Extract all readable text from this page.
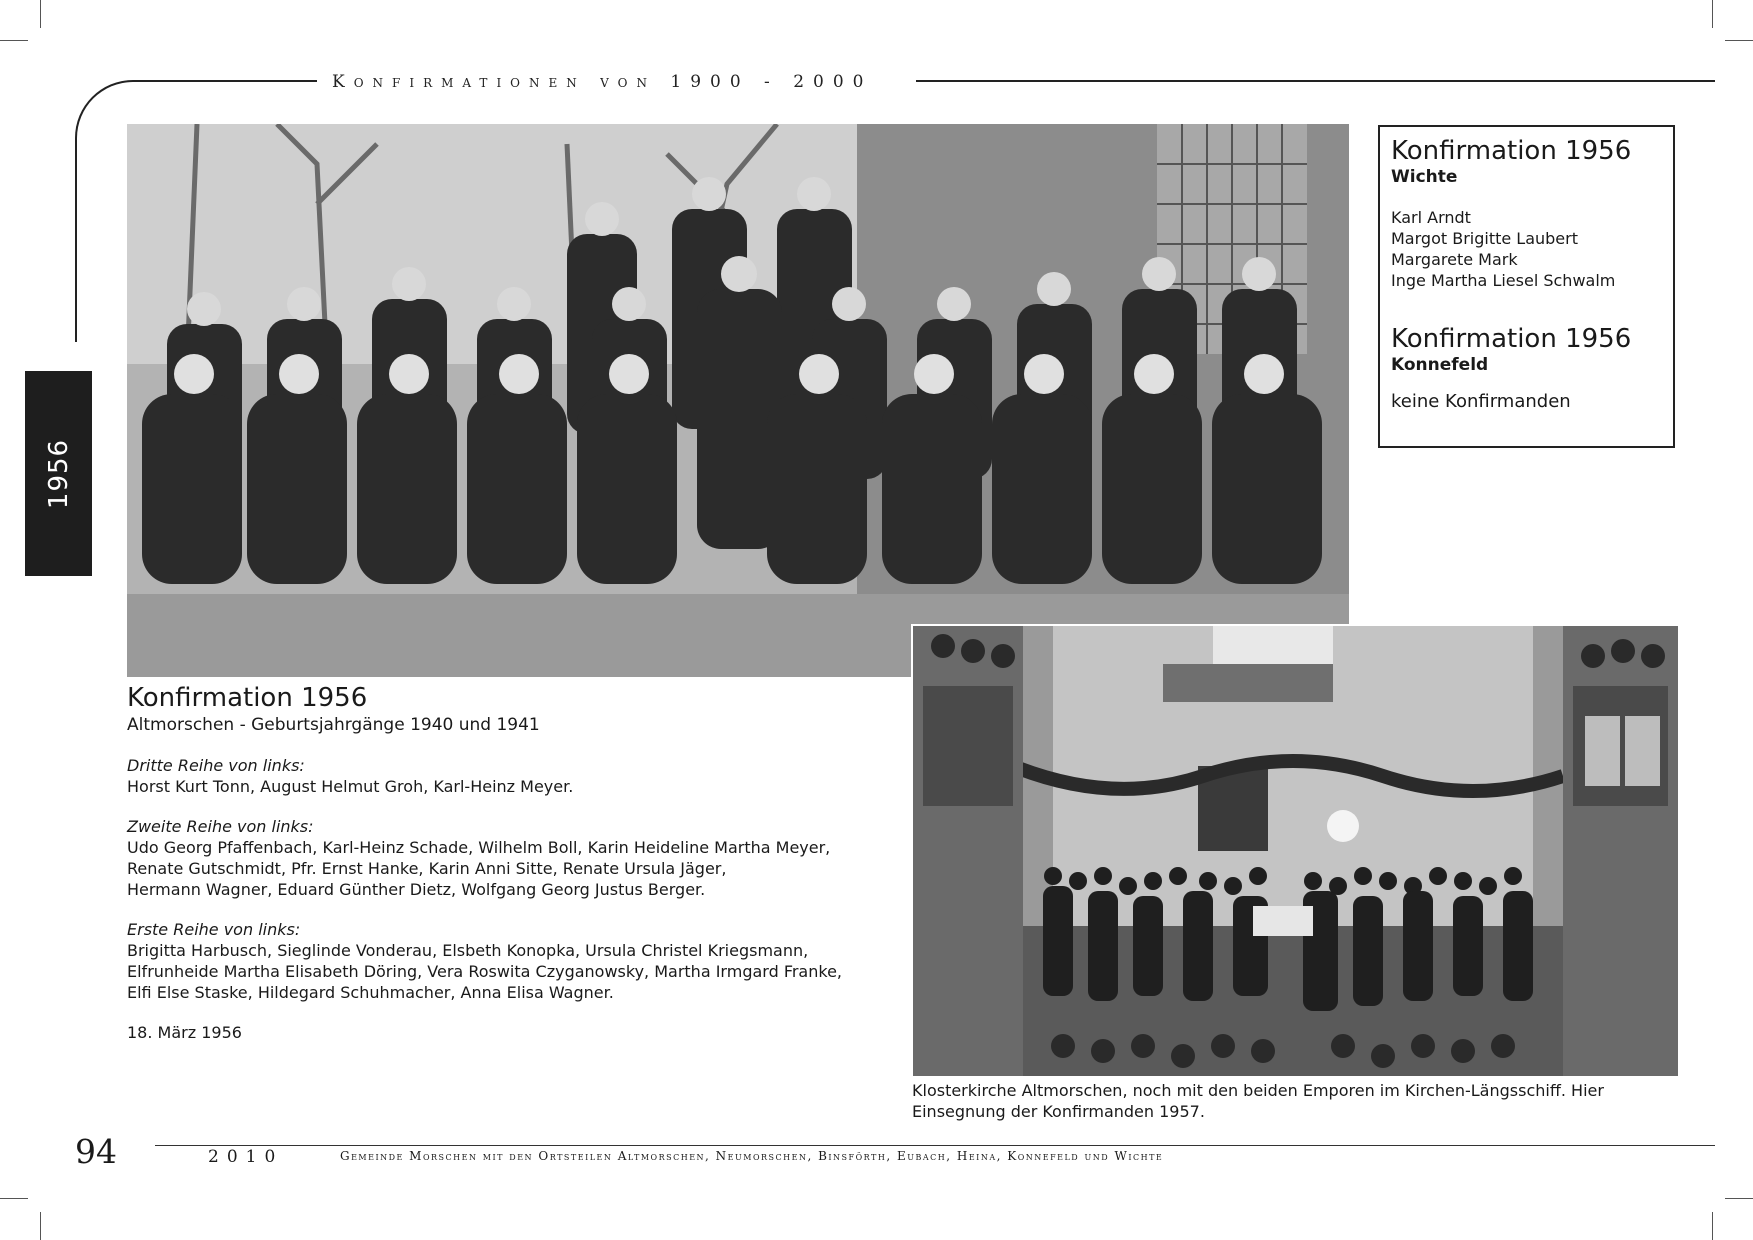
Konfirmationen von 1900 - 2000
1956
Konfirmation 1956
Wichte
Karl Arndt
Margot Brigitte Laubert
Margarete Mark
Inge Martha Liesel Schwalm
Konfirmation 1956
Konnefeld
keine Konfirmanden
Konfirmation 1956
Altmorschen - Geburtsjahrgänge 1940 und 1941
Dritte Reihe von links:
Horst Kurt Tonn, August Helmut Groh, Karl-Heinz Meyer.
Zweite Reihe von links:
Udo Georg Pfaffenbach, Karl-Heinz Schade, Wilhelm Boll, Karin Heideline Martha Meyer,
Renate Gutschmidt, Pfr. Ernst Hanke, Karin Anni Sitte, Renate Ursula Jäger,
Hermann Wagner, Eduard Günther Dietz, Wolfgang Georg Justus Berger.
Erste Reihe von links:
Brigitta Harbusch, Sieglinde Vonderau, Elsbeth Konopka, Ursula Christel Kriegsmann,
Elfrunheide Martha Elisabeth Döring, Vera Roswita Czyganowsky, Martha Irmgard Franke,
Elfi Else Staske, Hildegard Schuhmacher, Anna Elisa Wagner.
18. März 1956
Klosterkirche Altmorschen, noch mit den beiden Emporen im Kirchen-Längsschiff. Hier
Einsegnung der Konfirmanden 1957.
94	2010	Gemeinde Morschen mit den Ortsteilen Altmorschen, Neumorschen, Binsförth, Eubach, Heina, Konnefeld und Wichte
